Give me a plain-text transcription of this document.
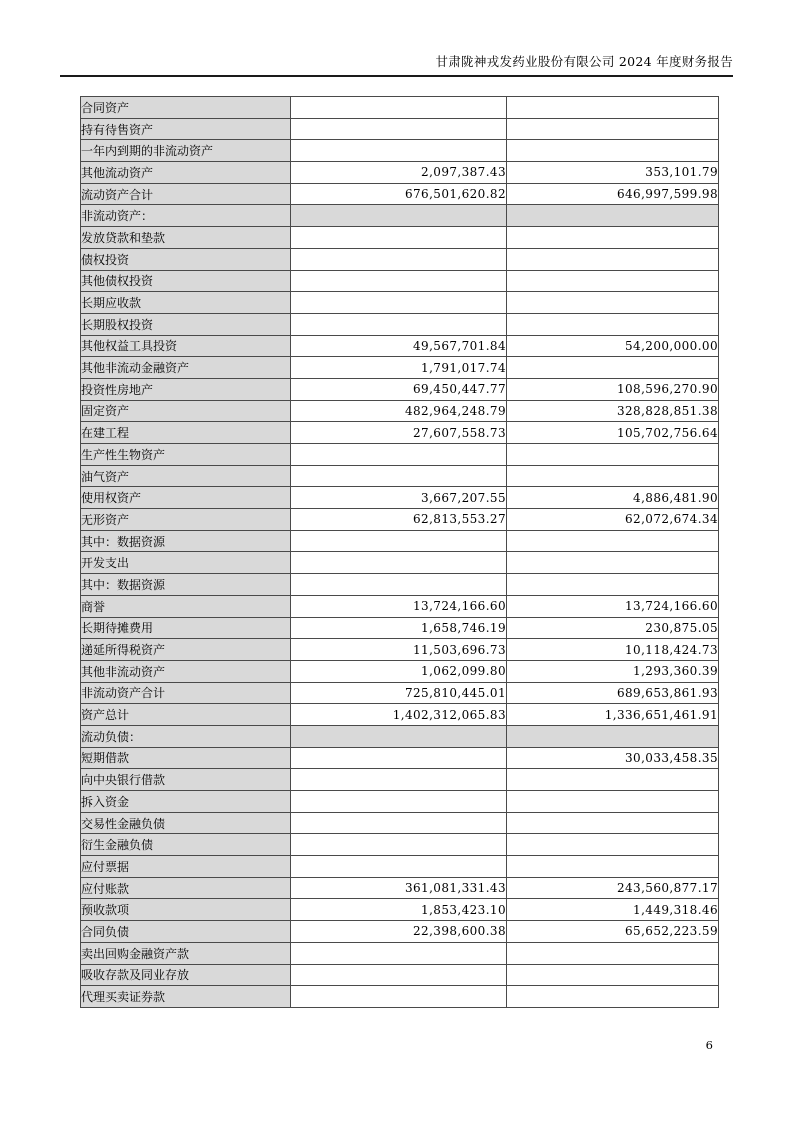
甘肃陇神戎发药业股份有限公司 2024 年度财务报告
合同资产		
持有待售资产		
一年内到期的非流动资产		
其他流动资产	2,097,387.43	353,101.79
流动资产合计	676,501,620.82	646,997,599.98
非流动资产：		
发放贷款和垫款		
债权投资		
其他债权投资		
长期应收款		
长期股权投资		
其他权益工具投资	49,567,701.84	54,200,000.00
其他非流动金融资产	1,791,017.74	
投资性房地产	69,450,447.77	108,596,270.90
固定资产	482,964,248.79	328,828,851.38
在建工程	27,607,558.73	105,702,756.64
生产性生物资产		
油气资产		
使用权资产	3,667,207.55	4,886,481.90
无形资产	62,813,553.27	62,072,674.34
其中：数据资源		
开发支出		
其中：数据资源		
商誉	13,724,166.60	13,724,166.60
长期待摊费用	1,658,746.19	230,875.05
递延所得税资产	11,503,696.73	10,118,424.73
其他非流动资产	1,062,099.80	1,293,360.39
非流动资产合计	725,810,445.01	689,653,861.93
资产总计	1,402,312,065.83	1,336,651,461.91
流动负债：		
短期借款		30,033,458.35
向中央银行借款		
拆入资金		
交易性金融负债		
衍生金融负债		
应付票据		
应付账款	361,081,331.43	243,560,877.17
预收款项	1,853,423.10	1,449,318.46
合同负债	22,398,600.38	65,652,223.59
卖出回购金融资产款		
吸收存款及同业存放		
代理买卖证券款		
6
